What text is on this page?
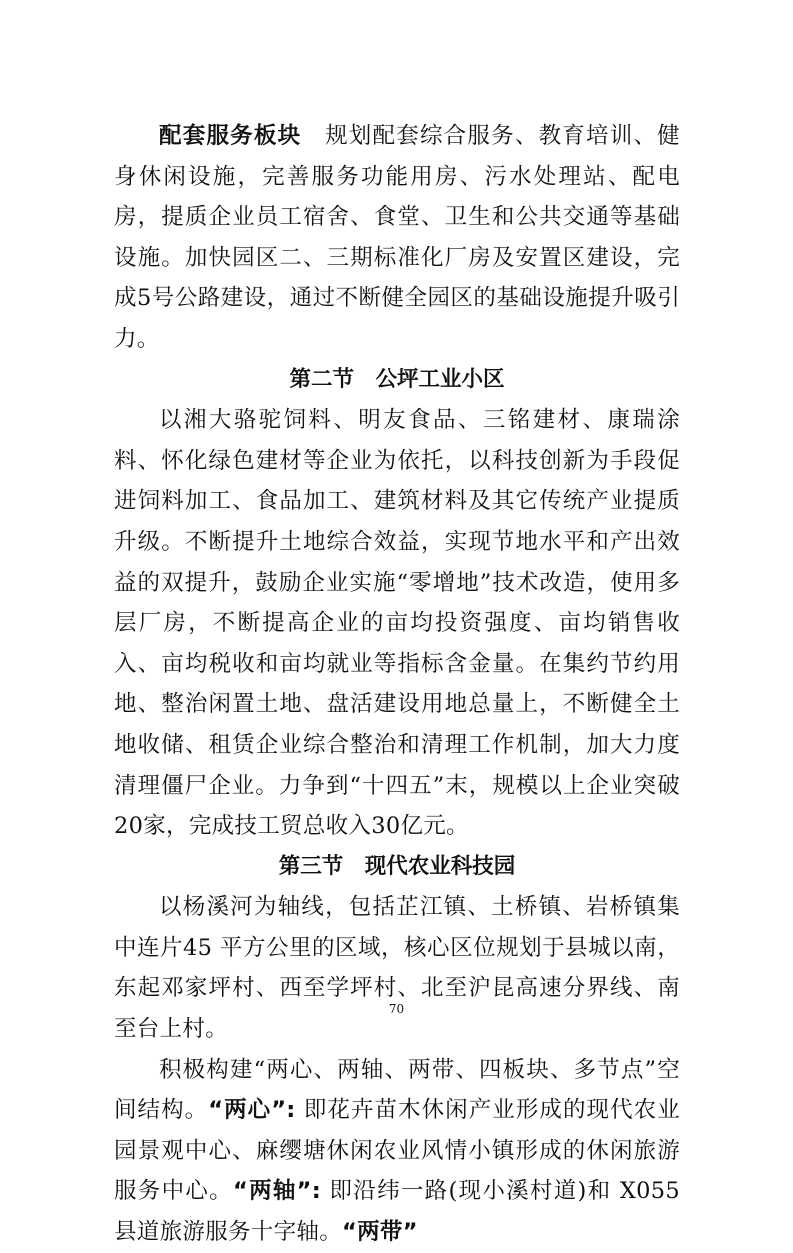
配套服务板块　规划配套综合服务、教育培训、健身休闲设施，完善服务功能用房、污水处理站、配电房，提质企业员工宿舍、食堂、卫生和公共交通等基础设施。加快园区二、三期标准化厂房及安置区建设，完成5号公路建设，通过不断健全园区的基础设施提升吸引力。

第二节　公坪工业小区

以湘大骆驼饲料、明友食品、三铭建材、康瑞涂料、怀化绿色建材等企业为依托，以科技创新为手段促进饲料加工、食品加工、建筑材料及其它传统产业提质升级。不断提升土地综合效益，实现节地水平和产出效益的双提升，鼓励企业实施“零增地”技术改造，使用多层厂房，不断提高企业的亩均投资强度、亩均销售收入、亩均税收和亩均就业等指标含金量。在集约节约用地、整治闲置土地、盘活建设用地总量上，不断健全土地收储、租赁企业综合整治和清理工作机制，加大力度清理僵尸企业。力争到“十四五”末，规模以上企业突破20家，完成技工贸总收入30亿元。

第三节　现代农业科技园

以杨溪河为轴线，包括芷江镇、土桥镇、岩桥镇集中连片45 平方公里的区域，核心区位规划于县城以南，东起邓家坪村、西至学坪村、北至沪昆高速分界线、南至台上村。

积极构建“两心、两轴、两带、四板块、多节点”空间结构。“两心”: 即花卉苗木休闲产业形成的现代农业园景观中心、麻缨塘休闲农业风情小镇形成的休闲旅游服务中心。“两轴”: 即沿纬一路(现小溪村道)和 X055 县道旅游服务十字轴。“两带”

70
